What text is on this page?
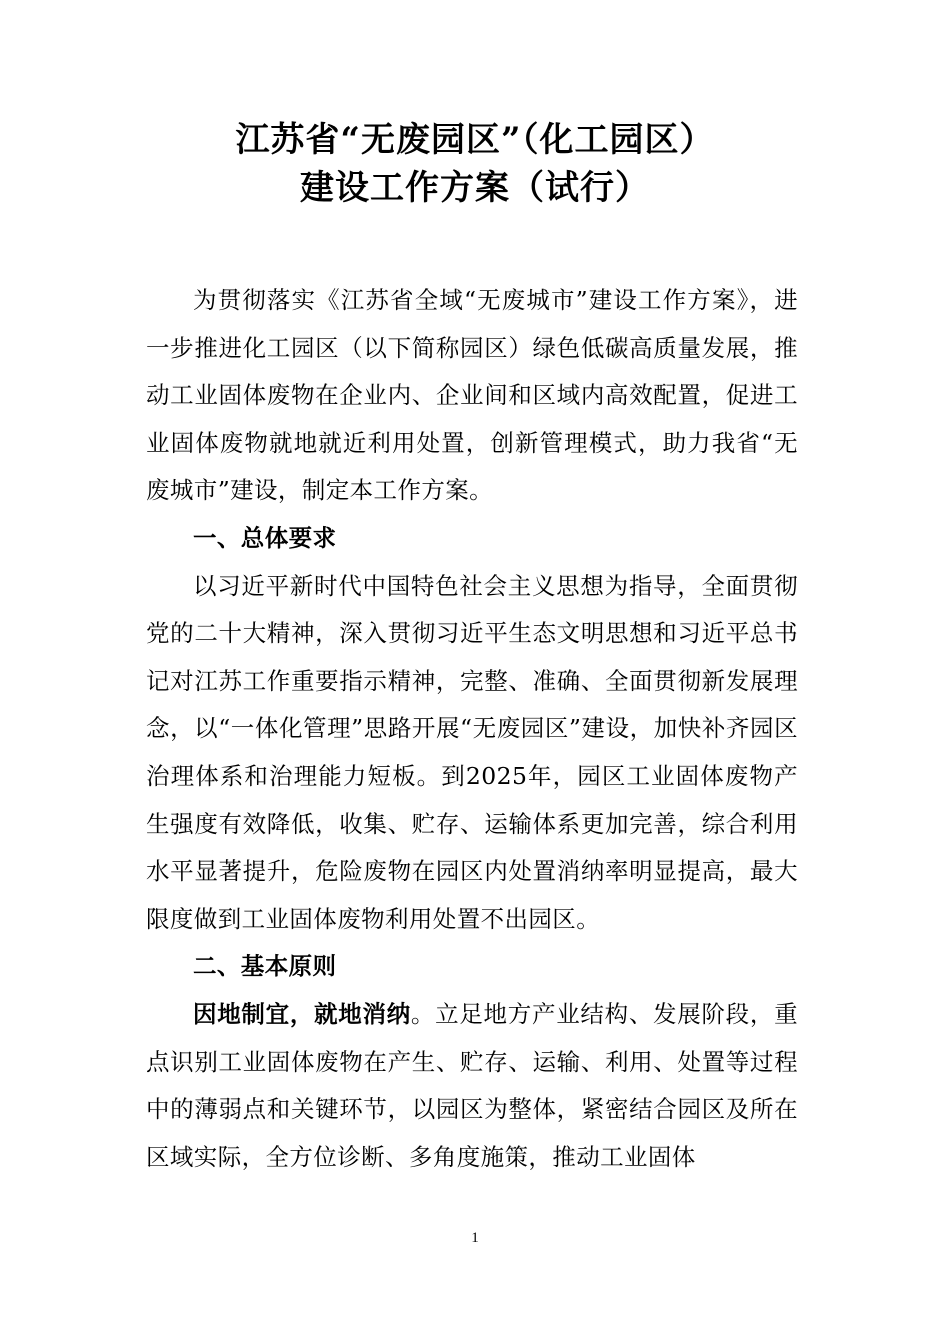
江苏省“无废园区”（化工园区）
建设工作方案（试行）

为贯彻落实《江苏省全域“无废城市”建设工作方案》，进一步推进化工园区（以下简称园区）绿色低碳高质量发展，推动工业固体废物在企业内、企业间和区域内高效配置，促进工业固体废物就地就近利用处置，创新管理模式，助力我省“无废城市”建设，制定本工作方案。

一、总体要求

以习近平新时代中国特色社会主义思想为指导，全面贯彻党的二十大精神，深入贯彻习近平生态文明思想和习近平总书记对江苏工作重要指示精神，完整、准确、全面贯彻新发展理念，以“一体化管理”思路开展“无废园区”建设，加快补齐园区治理体系和治理能力短板。到2025年，园区工业固体废物产生强度有效降低，收集、贮存、运输体系更加完善，综合利用水平显著提升，危险废物在园区内处置消纳率明显提高，最大限度做到工业固体废物利用处置不出园区。

二、基本原则

因地制宜，就地消纳。立足地方产业结构、发展阶段，重点识别工业固体废物在产生、贮存、运输、利用、处置等过程中的薄弱点和关键环节，以园区为整体，紧密结合园区及所在区域实际，全方位诊断、多角度施策，推动工业固体

1
